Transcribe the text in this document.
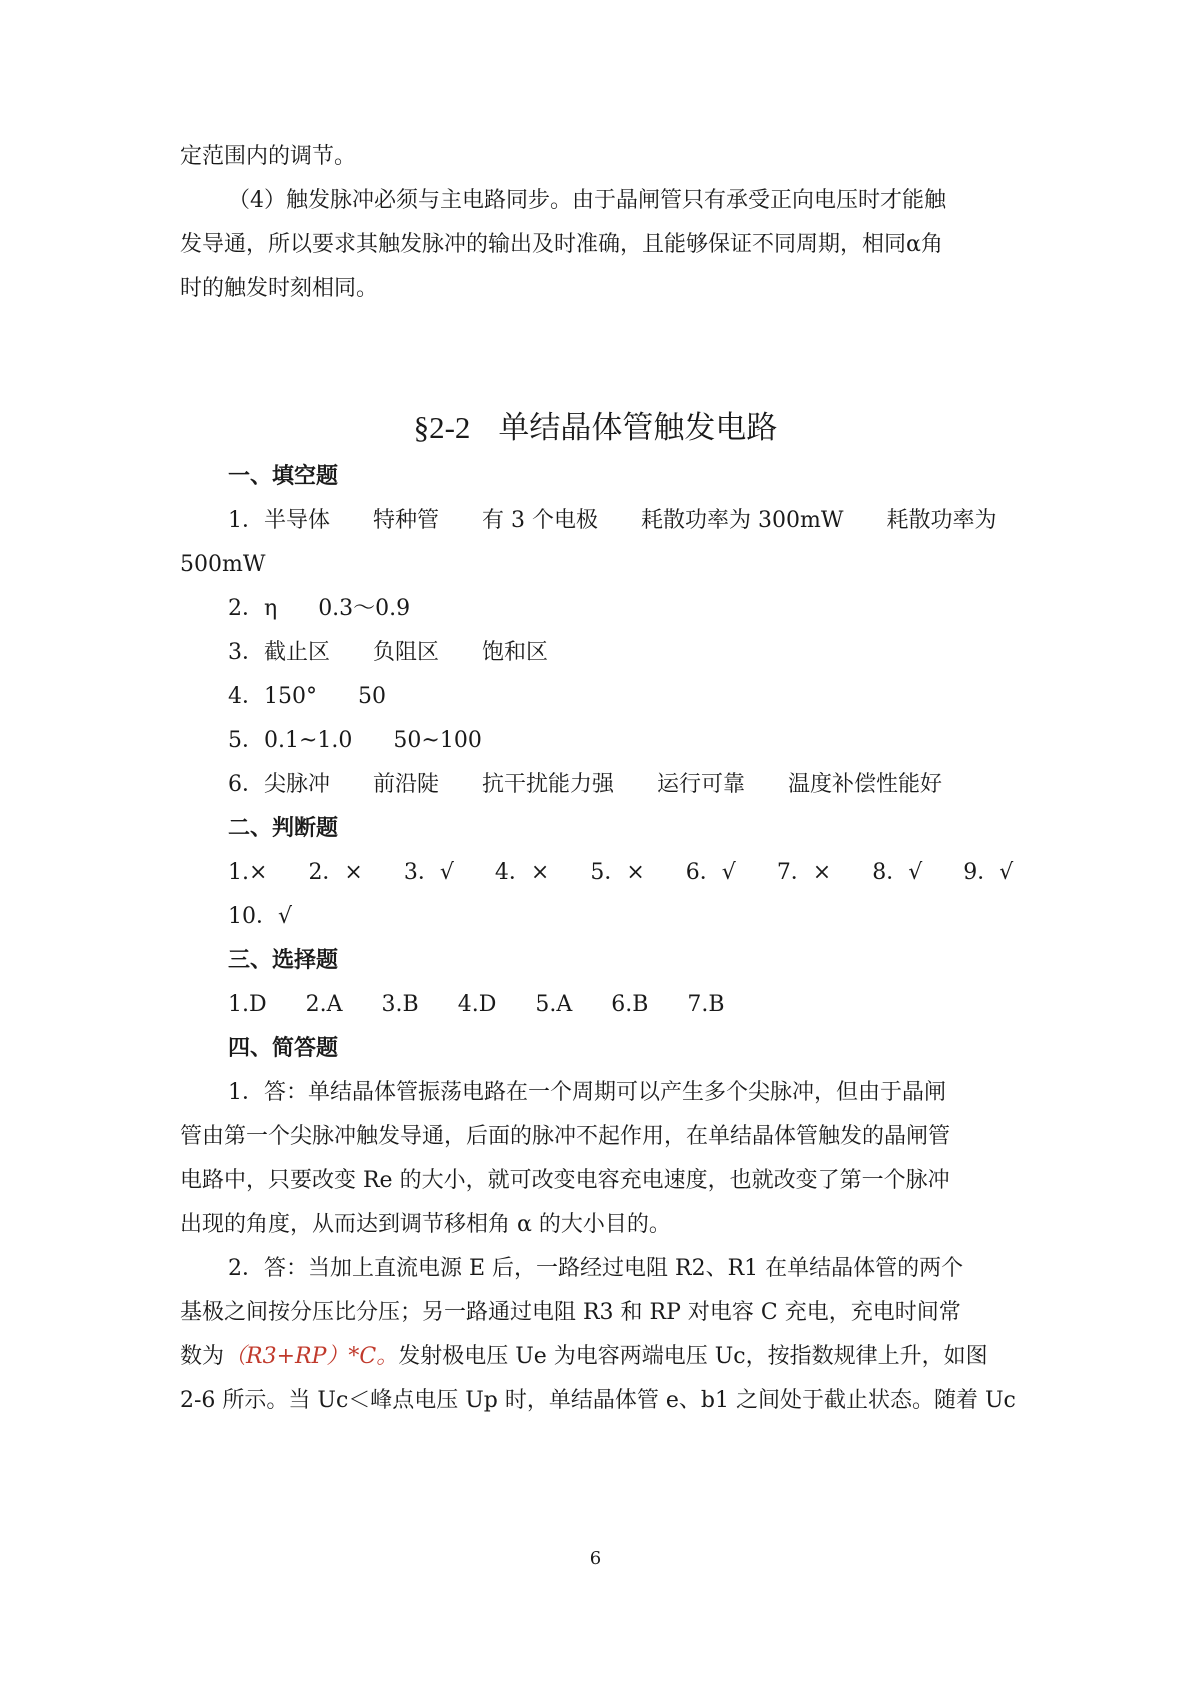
定范围内的调节。
（4）触发脉冲必须与主电路同步。由于晶闸管只有承受正向电压时才能触
发导通，所以要求其触发脉冲的输出及时准确，且能够保证不同周期，相同α角
时的触发时刻相同。
§2-2 单结晶体管触发电路
一、填空题
1．半导体 特种管 有 3 个电极 耗散功率为 300mW 耗散功率为
500mW
2．η 0.3～0.9
3．截止区 负阻区 饱和区
4．150° 50
5．0.1~1.0 50~100
6．尖脉冲 前沿陡 抗干扰能力强 运行可靠 温度补偿性能好
二、判断题
1.× 2．× 3．√ 4．× 5．× 6．√ 7．× 8．√ 9．√
10．√
三、选择题
1.D 2.A 3.B 4.D 5.A 6.B 7.B
四、简答题
1．答：单结晶体管振荡电路在一个周期可以产生多个尖脉冲，但由于晶闸
管由第一个尖脉冲触发导通，后面的脉冲不起作用，在单结晶体管触发的晶闸管
电路中，只要改变 Re 的大小，就可改变电容充电速度，也就改变了第一个脉冲
出现的角度，从而达到调节移相角 α 的大小目的。
2．答：当加上直流电源 E 后，一路经过电阻 R2、R1 在单结晶体管的两个
基极之间按分压比分压；另一路通过电阻 R3 和 RP 对电容 C 充电，充电时间常
数为（R3+RP）*C。发射极电压 Ue 为电容两端电压 Uc，按指数规律上升，如图
2-6 所示。当 Uc＜峰点电压 Up 时，单结晶体管 e、b1 之间处于截止状态。随着 Uc
6
